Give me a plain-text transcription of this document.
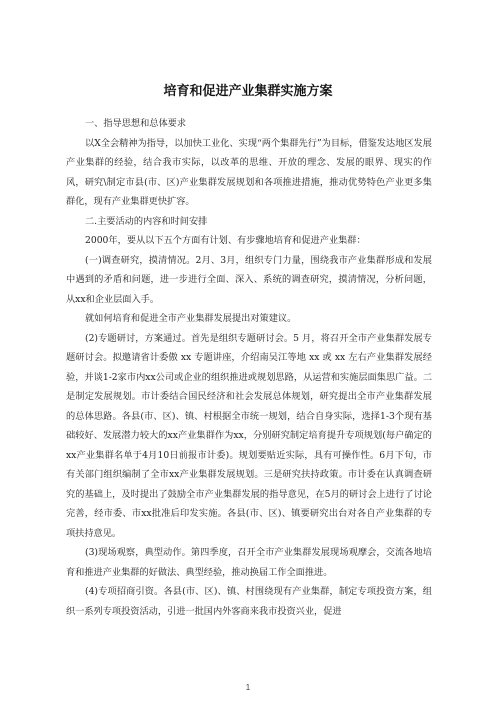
培育和促进产业集群实施方案

一、指导思想和总体要求

以X全会精神为指导，以加快工业化、实现“两个集群先行”为目标，借鉴发达地区发展产业集群的经验，结合我市实际，以改革的思维、开放的理念、发展的眼界、现实的作风，研究\制定市县(市、区)产业集群发展规划和各项推进措施，推动优势特色产业更多集群化，现有产业集群更快扩容。

二.主要活动的内容和时间安排

2000年，要从以下五个方面有计划、有步骤地培育和促进产业集群：

(一)调查研究，摸清情况。2月、3月，组织专门力量，围绕我市产业集群形成和发展中遇到的矛盾和问题，进一步进行全面、深入、系统的调查研究，摸清情况，分析问题，从xx和企业层面入手。

就如何培育和促进全市产业集群发展提出对策建议。

(2)专题研讨，方案通过。首先是组织专题研讨会。5 月，将召开全市产业集群发展专题研讨会。拟邀请省计委傲 xx 专题讲座，介绍南吴江等地 xx 或 xx 左右产业集群发展经验，并谈1-2家市内xx公司或企业的组织推进或规划思路，从运营和实施层面集思广益。二是制定发展规划。市计委结合国民经济和社会发展总体规划，研究提出全市产业集群发展的总体思路。各县(市、区)、镇、村根据全市统一规划，结合自身实际，选择1-3个现有基础较好、发展潜力较大的xx产业集群作为xx，分别研究制定培育提升专项规划(每户确定的xx产业集群名单于4月10日前报市计委)。规划要贴近实际，具有可操作性。6月下旬，市有关部门组织编制了全市xx产业集群发展规划。三是研究扶持政策。市计委在认真调查研究的基础上，及时提出了鼓励全市产业集群发展的指导意见，在5月的研讨会上进行了讨论完善，经市委、市xx批准后印发实施。各县(市、区)、镇要研究出台对各自产业集群的专项扶持意见。

(3)现场观察，典型动作。第四季度，召开全市产业集群发展现场观摩会，交流各地培育和推进产业集群的好做法、典型经验，推动换届工作全面推进。

(4)专项招商引资。各县(市、区)、镇、村围绕现有产业集群，制定专项投资方案，组织一系列专项投资活动，引进一批国内外客商来我市投资兴业，促进

1
